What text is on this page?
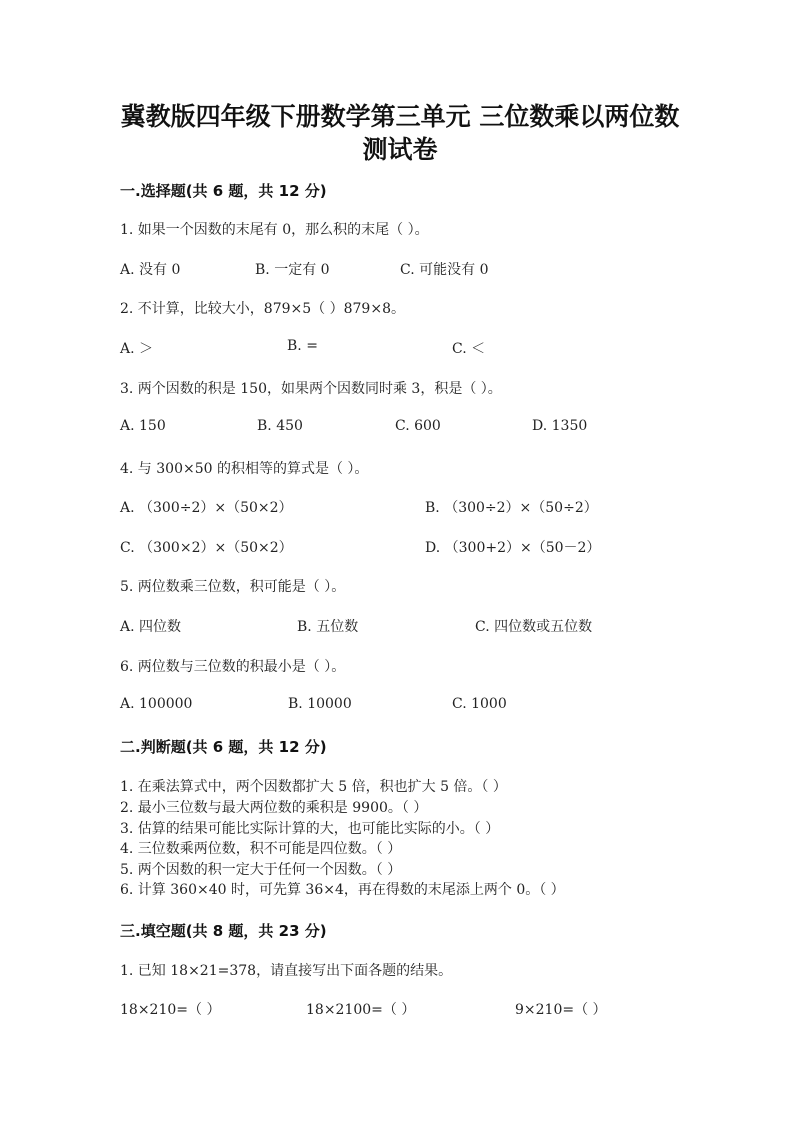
冀教版四年级下册数学第三单元 三位数乘以两位数
测试卷
一.选择题(共 6 题，共 12 分)
1. 如果一个因数的末尾有 0，那么积的末尾（ ）。
A. 没有 0	B. 一定有 0	C. 可能没有 0
2. 不计算，比较大小，879×5（ ）879×8。
A. ＞	B. =	C. ＜
3. 两个因数的积是 150，如果两个因数同时乘 3，积是（ ）。
A. 150	B. 450	C. 600	D. 1350
4. 与 300×50 的积相等的算式是（ ）。
A. （300÷2）×（50×2）	B. （300÷2）×（50÷2）
C. （300×2）×（50×2）	D. （300+2）×（50－2）
5. 两位数乘三位数，积可能是（ ）。
A. 四位数	B. 五位数	C. 四位数或五位数
6. 两位数与三位数的积最小是（ ）。
A. 100000	B. 10000	C. 1000
二.判断题(共 6 题，共 12 分)
1. 在乘法算式中，两个因数都扩大 5 倍，积也扩大 5 倍。（ ）
2. 最小三位数与最大两位数的乘积是 9900。（ ）
3. 估算的结果可能比实际计算的大，也可能比实际的小。（ ）
4. 三位数乘两位数，积不可能是四位数。（ ）
5. 两个因数的积一定大于任何一个因数。（ ）
6. 计算 360×40 时，可先算 36×4，再在得数的末尾添上两个 0。（ ）
三.填空题(共 8 题，共 23 分)
1. 已知 18×21=378，请直接写出下面各题的结果。
18×210=（ ）	18×2100=（ ）	9×210=（ ）
